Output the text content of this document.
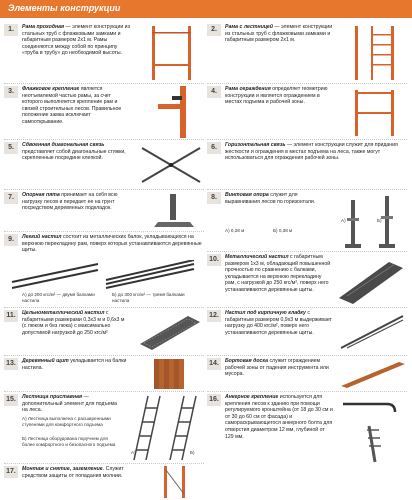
Элементы конструкции
1.	Рама проходная — элемент конструкции из стальных труб с флажковыми замками и габаритным размером 2х1 м. Рамы соединяются между собой по принципу «труба в трубу» до необходимой высоты.
3.	Флажковое крепление является неотъемлемой частью рамы, за счет которого выполняется крепление рам и связей строительных лесов. Правильное положение замка исключает самооткрывание.
5.	Сдвоенная диагональная связь представляет собой диагональные стяжки, скрепленные посредине клепкой.
7.	Опорная пята принимает на себя всю нагрузку лесов и передает ее на грунт посредством деревянных подкладок.
9.	Легкий настил состоит из металлических балок, укладывающихся на верхнюю перекладину рам, поверх которых устанавливаются деревянные щиты.
А) до 200 кгс/м² — двумя балками настила
Б) до 300 кгс/м² — тремя балками настила
11.	Цельнометаллический настил с габаритными размерами 0,3х3 м и 0,6х3 м (с люком и без люка) с максимально допустимой нагрузкой до 250 кгс/м²
13.	Деревянный щит укладывается на балки настила.
15.	Лестница приставная — дополнительный элемент для подъема на леса.
А) Лестница выполнена с расширенными ступенями для комфортного подъема
Б) Лестница оборудована поручнем для более комфортного и безопасного подъема
А)	Б)
17.	Монтаж и снятие, заземление. Служит средством защиты от попадания молнии.
2.	Рама с лестницей — элемент конструкции из стальных труб с флажковыми замками и габаритным размером 2х1 м.
4.	Рама ограждения определяет геометрию конструкции и является ограждением в местах подъема и рабочей зоны.
6.	Горизонтальная связь — элемент конструкции служит для придания жесткости и ограждения в местах подъема на леса, также могут использоваться для ограждения рабочей зоны.
8.	Винтовая опора служит для выравнивания лесов по горизонтали.
А) 0,28 м	Б) 0,38 м
А)	Б)
10.	Металлический настил с габаритным размером 1х3 м, обладающий повышенной прочностью по сравнению с балками, укладывается на верхнюю перекладину рам, с нагрузкой до 250 кгс/м², поверх него устанавливаются деревянные щиты.
12.	Настил под кирпичную кладку с габаритным размером 0,9х3 м выдерживает нагрузку до 400 кгс/м², поверх него устанавливаются деревянные щиты.
14.	Бортовая доска служит ограждением рабочей зоны от падения инструмента или мусора.
16.	Анкерное крепление используется для крепления лесов к зданию при помощи регулируемого кронштейна (от 18 до 30 см и от 30 до 60 см от фасада) и самораскрывающегося анкерного болта для отверстия диаметром 12 мм, глубиной от 129 мм.
